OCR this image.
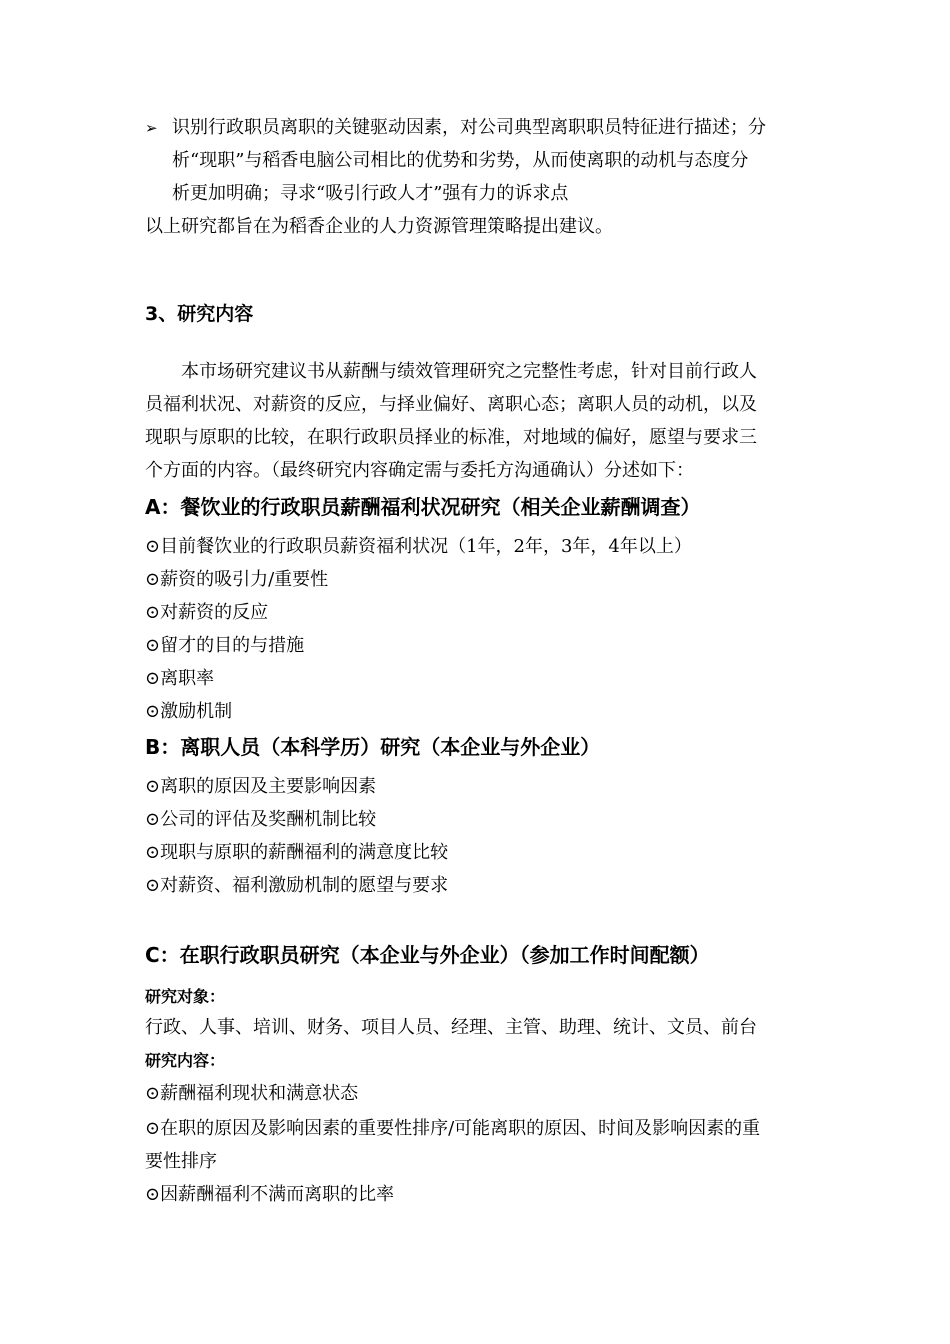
➢ 识别行政职员离职的关键驱动因素，对公司典型离职职员特征进行描述；分
析“现职”与稻香电脑公司相比的优势和劣势，从而使离职的动机与态度分
析更加明确；寻求“吸引行政人才”强有力的诉求点
以上研究都旨在为稻香企业的人力资源管理策略提出建议。
3、研究内容
本市场研究建议书从薪酬与绩效管理研究之完整性考虑，针对目前行政人
员福利状况、对薪资的反应，与择业偏好、离职心态；离职人员的动机，以及
现职与原职的比较，在职行政职员择业的标准，对地域的偏好，愿望与要求三
个方面的内容。（最终研究内容确定需与委托方沟通确认）分述如下：
A：餐饮业的行政职员薪酬福利状况研究（相关企业薪酬调查）
⊙目前餐饮业的行政职员薪资福利状况（1年，2年，3年，4年以上）
⊙薪资的吸引力/重要性
⊙对薪资的反应
⊙留才的目的与措施
⊙离职率
⊙激励机制
B：离职人员（本科学历）研究（本企业与外企业）
⊙离职的原因及主要影响因素
⊙公司的评估及奖酬机制比较
⊙现职与原职的薪酬福利的满意度比较
⊙对薪资、福利激励机制的愿望与要求
C：在职行政职员研究（本企业与外企业）（参加工作时间配额）
研究对象：
行政、人事、培训、财务、项目人员、经理、主管、助理、统计、文员、前台
研究内容：
⊙薪酬福利现状和满意状态
⊙在职的原因及影响因素的重要性排序/可能离职的原因、时间及影响因素的重
要性排序
⊙因薪酬福利不满而离职的比率
